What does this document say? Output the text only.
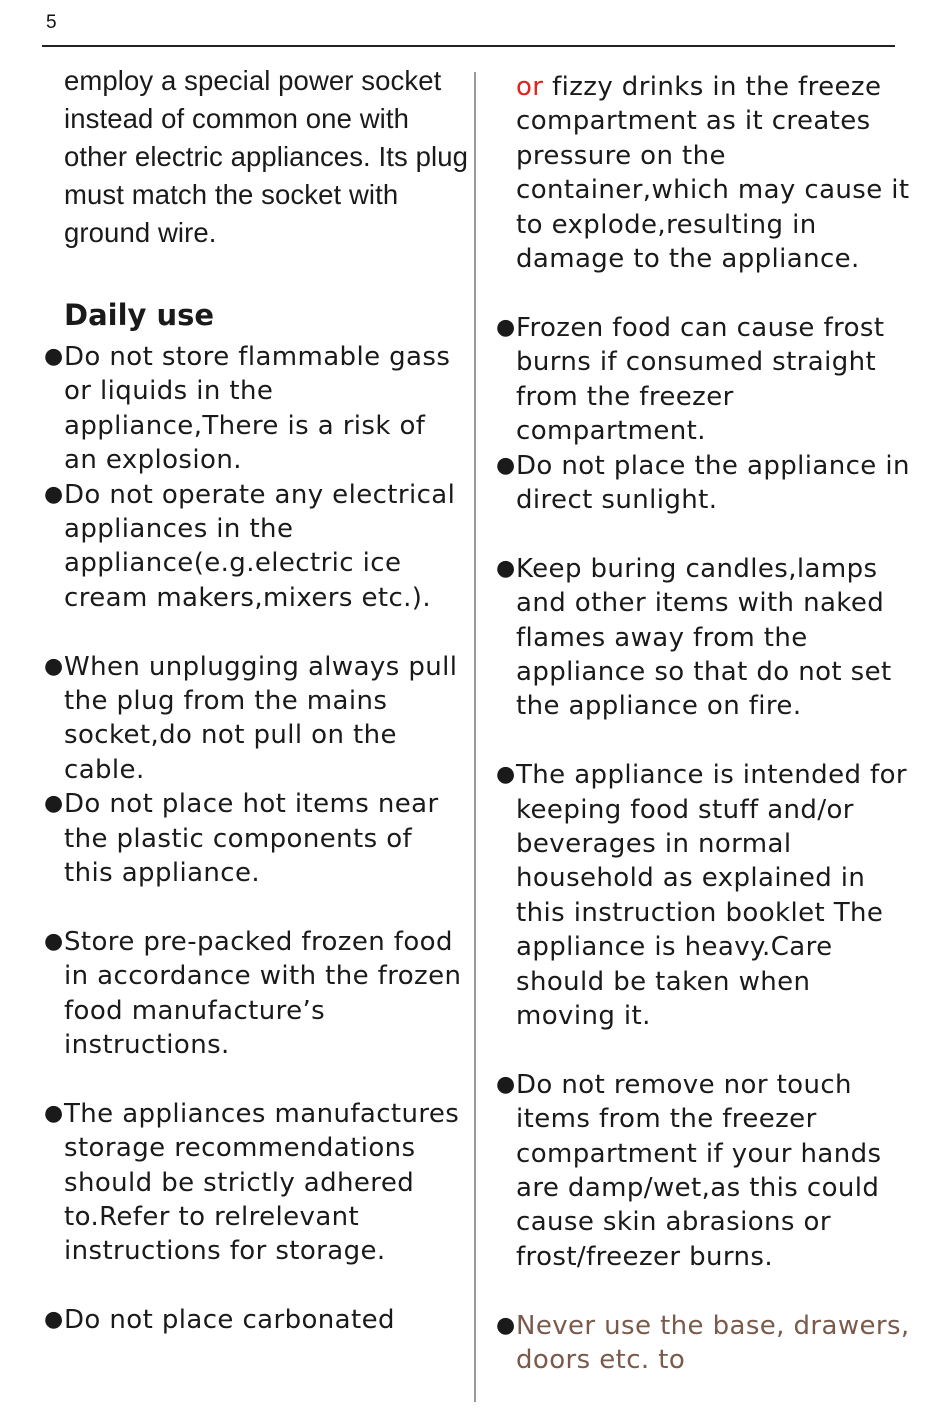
5

employ a special power socket instead of common one with other electric appliances. Its plug must match the socket with ground wire.

Daily use
● Do not store flammable gass or liquids in the appliance,There is a risk of an explosion.
● Do not operate any electrical appliances in the appliance(e.g.electric ice cream makers,mixers etc.).
● When unplugging always pull the plug from the mains socket,do not pull on the cable.
● Do not place hot items near the plastic components of this appliance.
● Store pre-packed frozen food in accordance with the frozen food manufacture’s instructions.
● The appliances manufactures storage recommendations should be strictly adhered to.Refer to relrelevant instructions for storage.
● Do not place carbonated

or fizzy drinks in the freeze compartment as it creates pressure on the container,which may cause it to explode,resulting in damage to the appliance.

● Frozen food can cause frost burns if consumed straight from the freezer compartment.
● Do not place the appliance in direct sunlight.
● Keep buring candles,lamps and other items with naked flames away from the appliance so that do not set the appliance on fire.
● The appliance is intended for keeping food stuff and/or beverages in normal household as explained in this instruction booklet The appliance is heavy.Care should be taken when moving it.
● Do not remove nor touch items from the freezer compartment if your hands are damp/wet,as this could cause skin abrasions or frost/freezer burns.
● Never use the base, drawers, doors etc. to
